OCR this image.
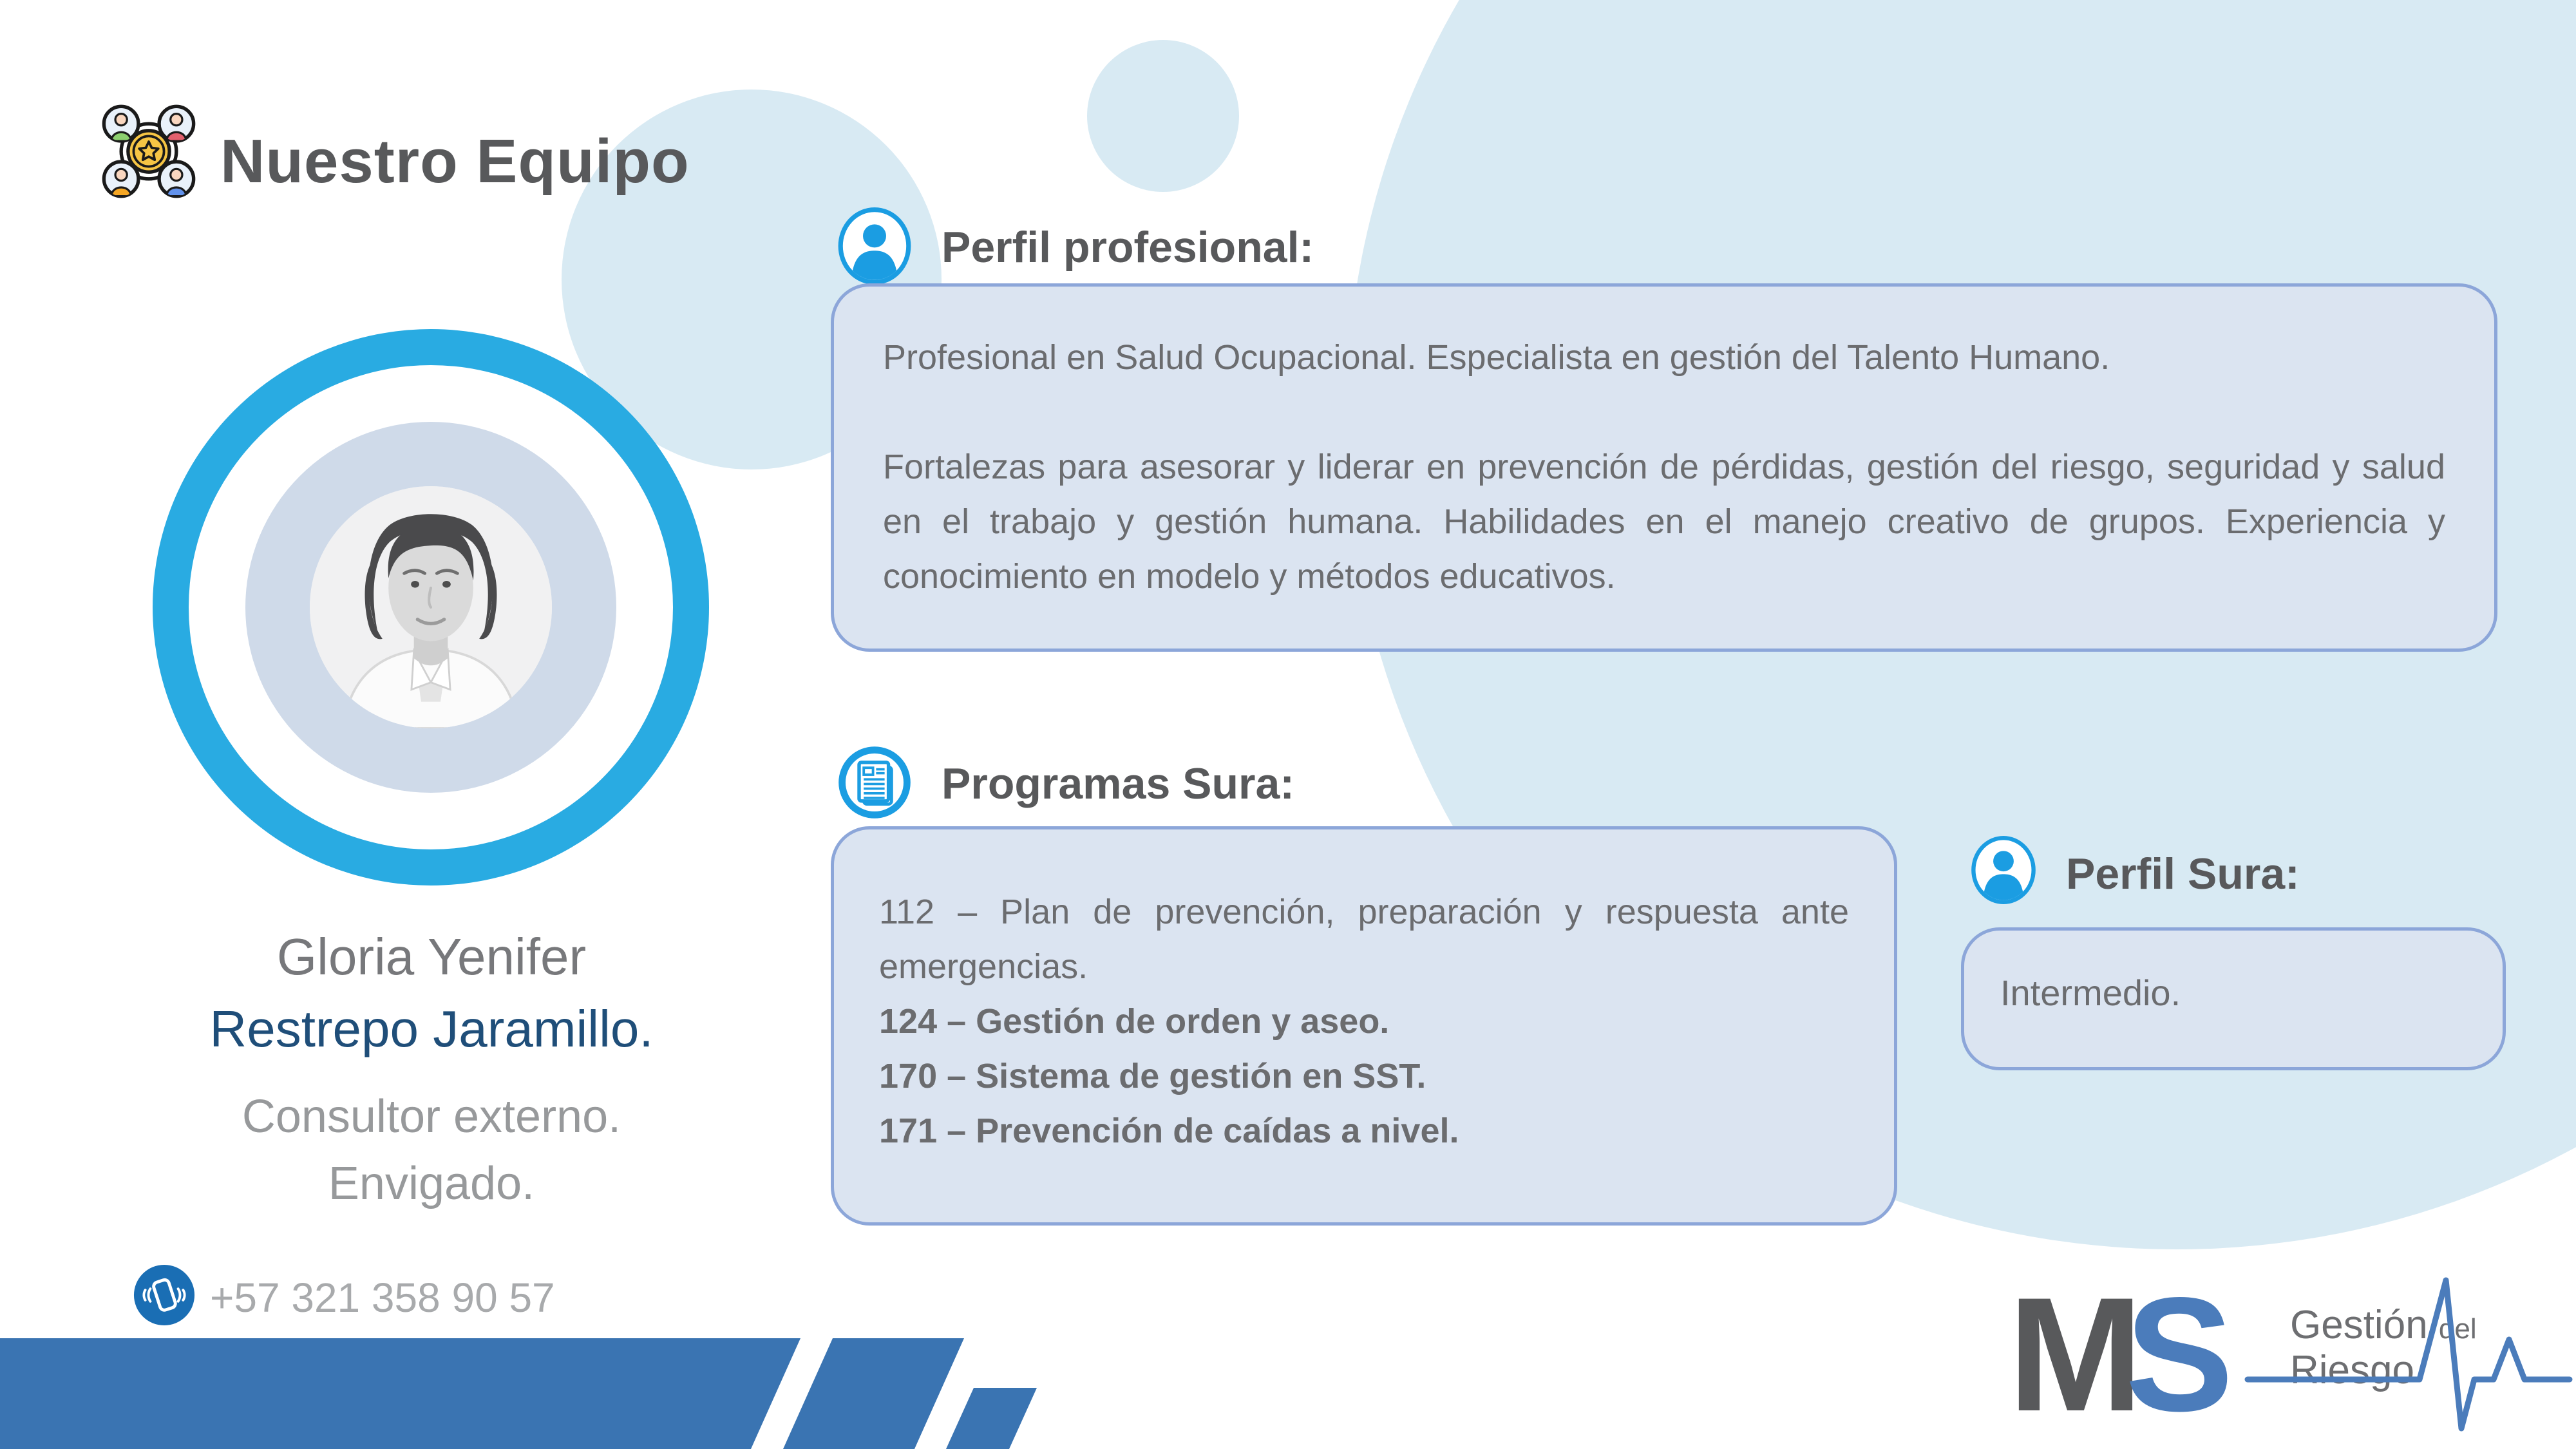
Nuestro Equipo
Gloria Yenifer
Restrepo Jaramillo.
Consultor externo.
Envigado.
+57 321 358 90 57
Perfil profesional:

Profesional en Salud Ocupacional. Especialista en gestión del Talento Humano.

Fortalezas para asesorar y liderar en prevención de pérdidas, gestión del riesgo, seguridad y salud en el trabajo y gestión humana. Habilidades en el manejo creativo de grupos. Experiencia y conocimiento en modelo y métodos educativos.

Programas Sura:
112 – Plan de prevención, preparación y respuesta ante emergencias.
124 – Gestión de orden y aseo.
170 – Sistema de gestión en SST.
171 – Prevención de caídas a nivel.
Perfil Sura:
Intermedio.
M
S Gestión del
Riesgo
